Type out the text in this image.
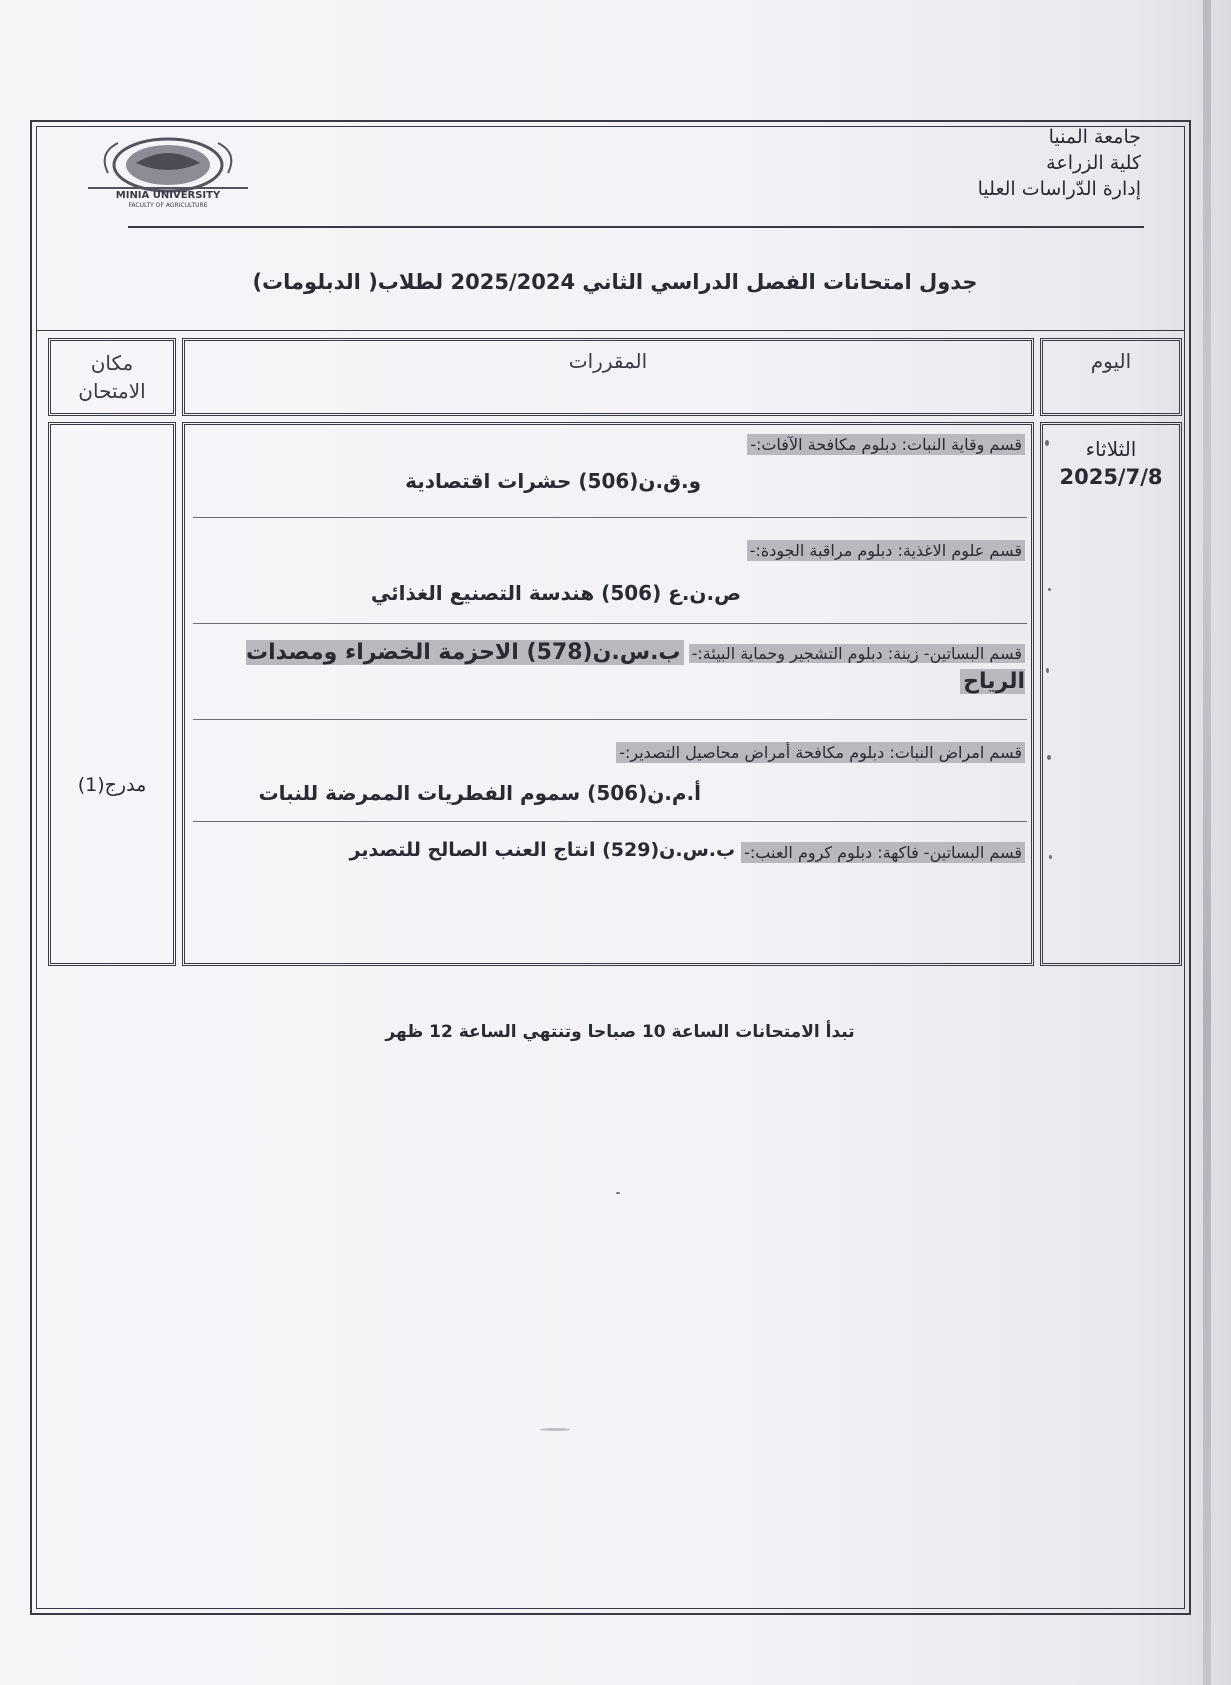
MINIA UNIVERSITY
FACULTY OF AGRICULTURE
جامعة المنيا
كلية الزراعة
إدارة الدّراسات العليا
جدول امتحانات الفصل الدراسي الثاني 2025/2024 لطلاب( الدبلومات)
مكان
الامتحان
المقررات	اليوم
مدرج(1)
قسم وقاية النبات: دبلوم مكافحة الآفات:-
و.ق.ن(506) حشرات اقتصادية
قسم علوم الاغذية: دبلوم مراقبة الجودة:-
ص.ن.ع (506) هندسة التصنيع الغذائي
قسم البساتين- زينة: دبلوم التشجير وحماية البيئة:- ب.س.ن(578) الاحزمة الخضراء ومصدات الرياح
قسم امراض النبات: دبلوم مكافحة أمراض محاصيل التصدير:-
أ.م.ن(506) سموم الفطريات الممرضة للنبات
قسم البساتين- فاكهة: دبلوم كروم العنب:-
ب.س.ن(529) انتاج العنب الصالح للتصدير
الثلاثاء
2025/7/8
تبدأ الامتحانات الساعة 10 صباحا وتنتهي الساعة 12 ظهر
